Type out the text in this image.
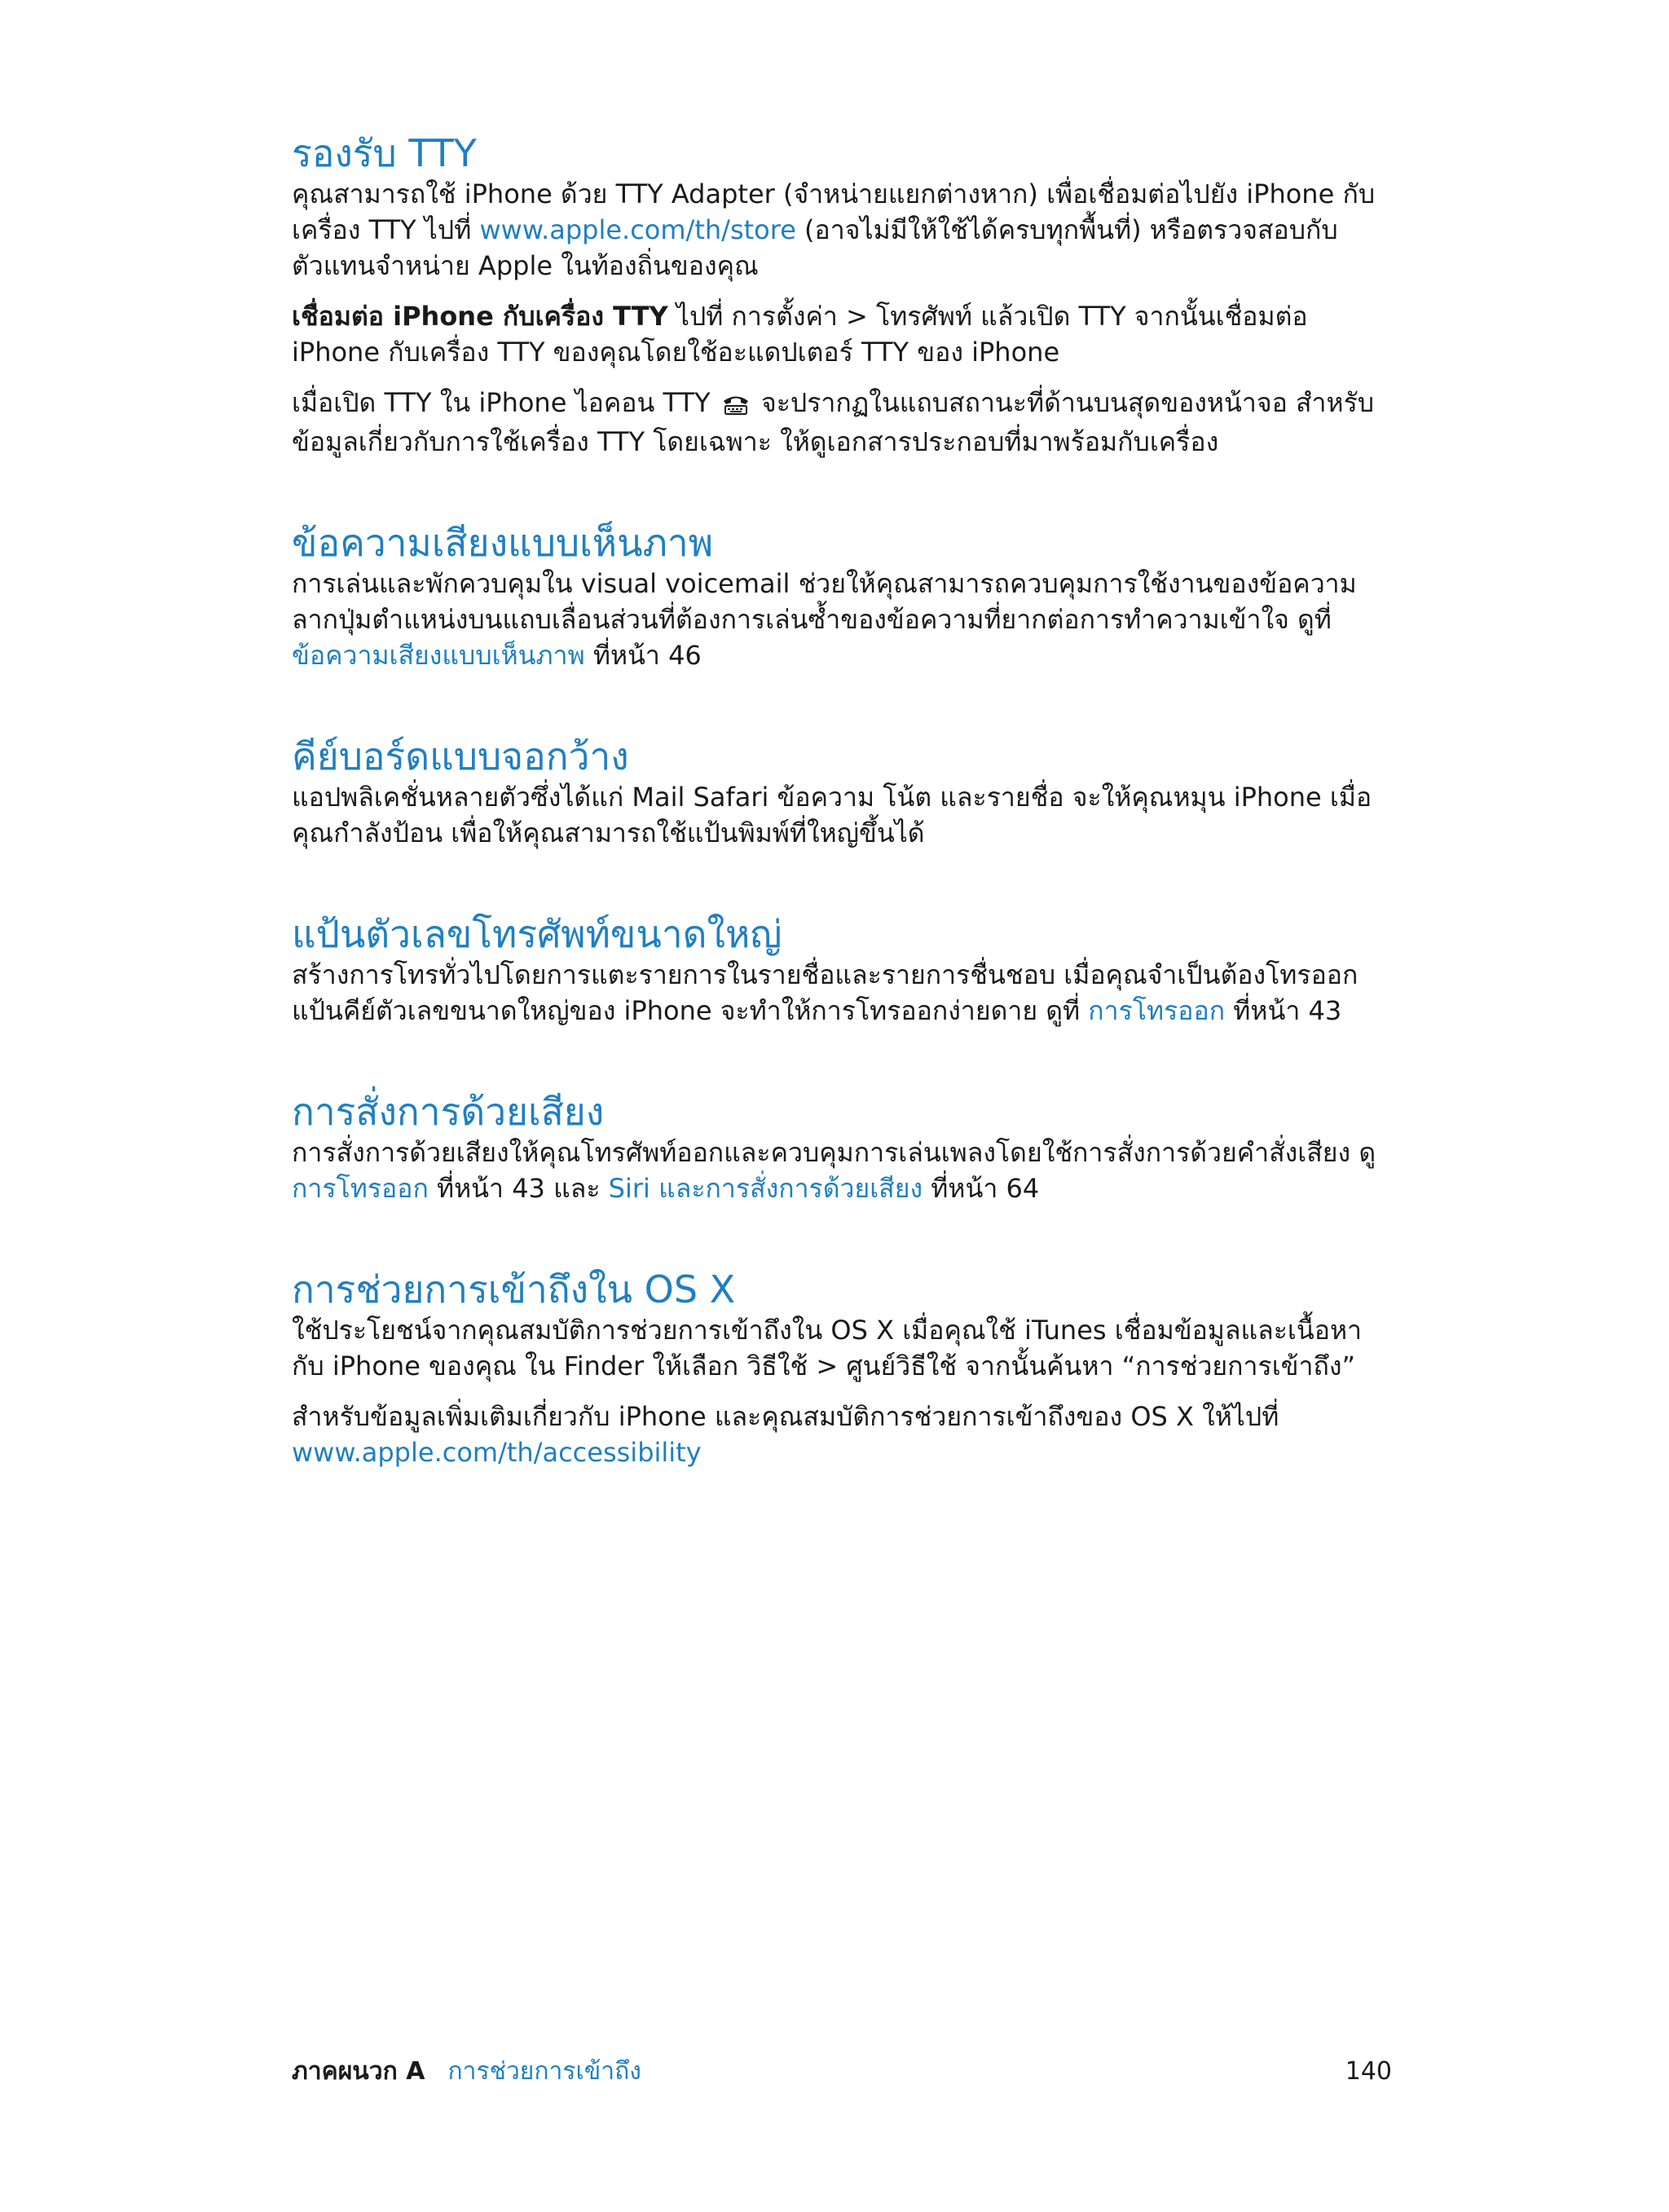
รองรับ TTY

คุณสามารถใช้ iPhone ด้วย TTY Adapter (จำหน่ายแยกต่างหาก) เพื่อเชื่อมต่อไปยัง iPhone กับเครื่อง TTY ไปที่ www.apple.com/th/store (อาจไม่มีให้ใช้ได้ครบทุกพื้นที่) หรือตรวจสอบกับตัวแทนจำหน่าย Apple ในท้องถิ่นของคุณ

เชื่อมต่อ iPhone กับเครื่อง TTY ไปที่ การตั้งค่า > โทรศัพท์ แล้วเปิด TTY จากนั้นเชื่อมต่อ iPhone กับเครื่อง TTY ของคุณโดยใช้อะแดปเตอร์ TTY ของ iPhone

เมื่อเปิด TTY ใน iPhone ไอคอน TTY จะปรากฏในแถบสถานะที่ด้านบนสุดของหน้าจอ สำหรับข้อมูลเกี่ยวกับการใช้เครื่อง TTY โดยเฉพาะ ให้ดูเอกสารประกอบที่มาพร้อมกับเครื่อง

ข้อความเสียงแบบเห็นภาพ

การเล่นและพักควบคุมใน visual voicemail ช่วยให้คุณสามารถควบคุมการใช้งานของข้อความลากปุ่มตำแหน่งบนแถบเลื่อนส่วนที่ต้องการเล่นซ้ำของข้อความที่ยากต่อการทำความเข้าใจ ดูที่ ข้อความเสียงแบบเห็นภาพ ที่หน้า 46

คีย์บอร์ดแบบจอกว้าง

แอปพลิเคชั่นหลายตัวซึ่งได้แก่ Mail Safari ข้อความ โน้ต และรายชื่อ จะให้คุณหมุน iPhone เมื่อคุณกำลังป้อน เพื่อให้คุณสามารถใช้แป้นพิมพ์ที่ใหญ่ขึ้นได้

แป้นตัวเลขโทรศัพท์ขนาดใหญ่

สร้างการโทรทั่วไปโดยการแตะรายการในรายชื่อและรายการชื่นชอบ เมื่อคุณจำเป็นต้องโทรออกแป้นคีย์ตัวเลขขนาดใหญ่ของ iPhone จะทำให้การโทรออกง่ายดาย ดูที่ การโทรออก ที่หน้า 43

การสั่งการด้วยเสียง

การสั่งการด้วยเสียงให้คุณโทรศัพท์ออกและควบคุมการเล่นเพลงโดยใช้การสั่งการด้วยคำสั่งเสียง ดู การโทรออก ที่หน้า 43 และ Siri และการสั่งการด้วยเสียง ที่หน้า 64

การช่วยการเข้าถึงใน OS X

ใช้ประโยชน์จากคุณสมบัติการช่วยการเข้าถึงใน OS X เมื่อคุณใช้ iTunes เชื่อมข้อมูลและเนื้อหากับ iPhone ของคุณ ใน Finder ให้เลือก วิธีใช้ > ศูนย์วิธีใช้ จากนั้นค้นหา “การช่วยการเข้าถึง”

สำหรับข้อมูลเพิ่มเติมเกี่ยวกับ iPhone และคุณสมบัติการช่วยการเข้าถึงของ OS X ให้ไปที่
www.apple.com/th/accessibility

ภาคผนวก A การช่วยการเข้าถึง	140
